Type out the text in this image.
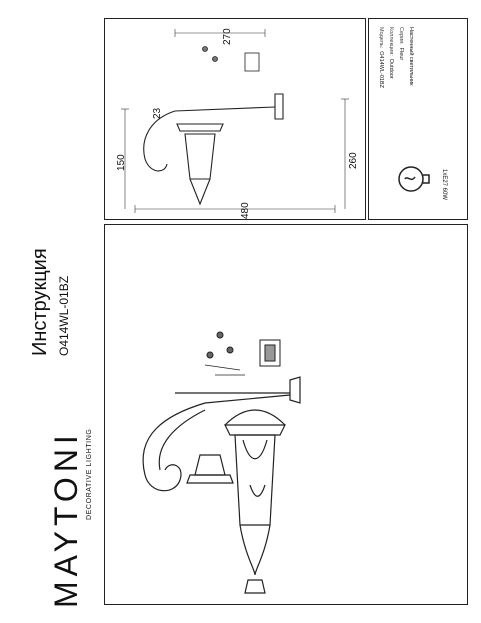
MAYTONI DECORATIVE LIGHTING
Инструкция O414WL-01BZ
480
260
150
270
23
Модель:O414WL-01BZ
Коллекция:Outdoor
Серия:Fleur Настенный светильник
1xE27 60W
